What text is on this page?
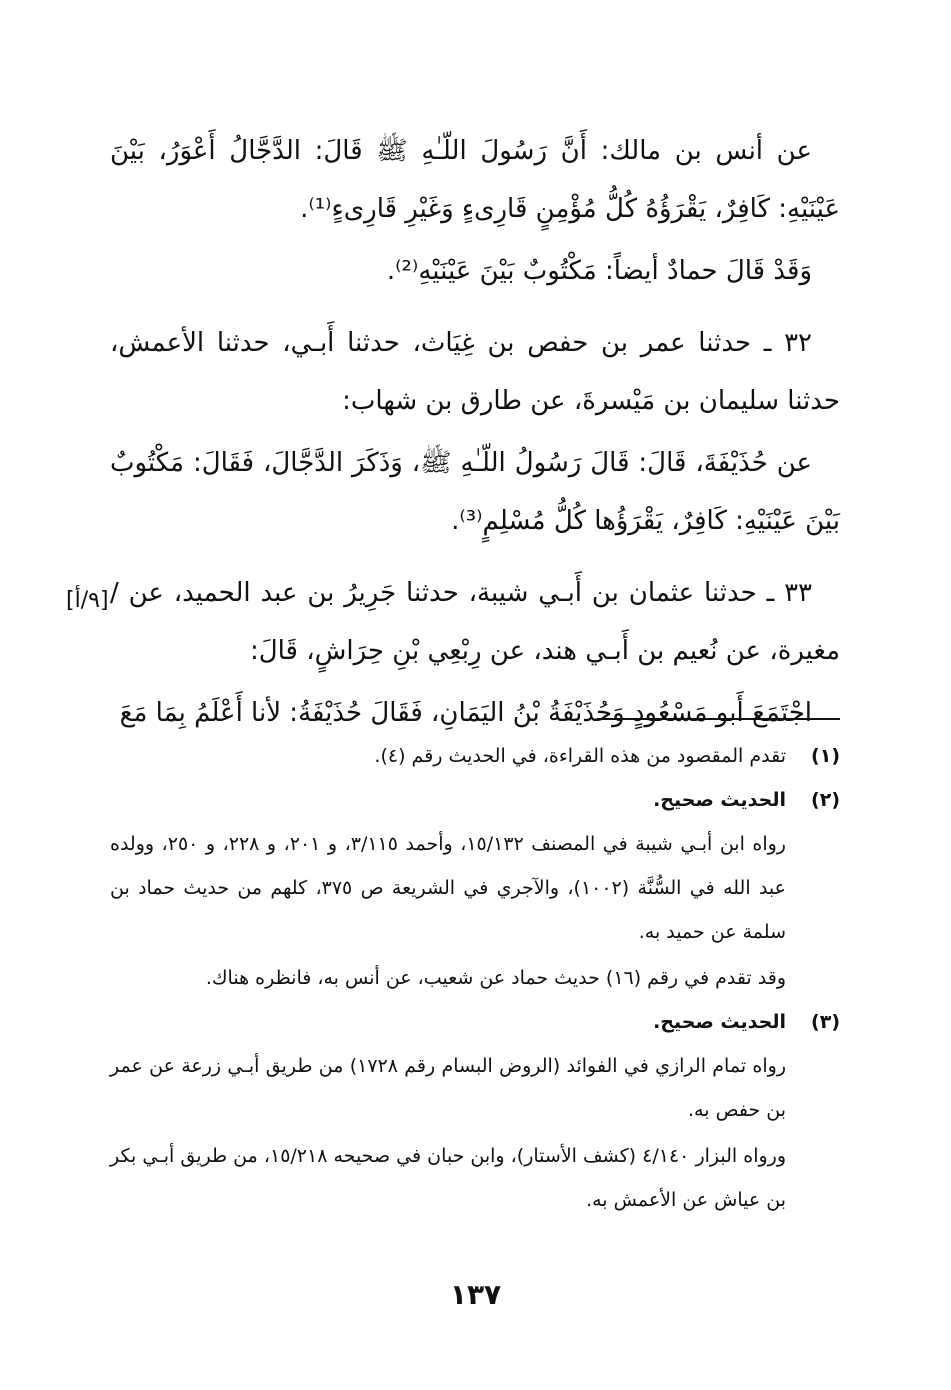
عن أنس بن مالك: أَنَّ رَسُولَ اللّـٰهِ ﷺ قَالَ: الدَّجَّالُ أَعْوَرُ، بَيْنَ عَيْنَيْهِ: كَافِرٌ، يَقْرَؤُهُ كُلُّ مُؤْمِنٍ قَارِىءٍ وَغَيْرِ قَارِىءٍ⁽¹⁾.

وَقَدْ قَالَ حمادٌ أيضاً: مَكْتُوبٌ بَيْنَ عَيْنَيْهِ⁽²⁾.

٣٢ ـ حدثنا عمر بن حفص بن غِيَاث، حدثنا أَبـي، حدثنا الأعمش، حدثنا سليمان بن مَيْسرةَ، عن طارق بن شهاب:

عن حُذَيْفَةَ، قَالَ: قَالَ رَسُولُ اللّـٰهِ ﷺ، وَذَكَرَ الدَّجَّالَ، فَقَالَ: مَكْتُوبٌ بَيْنَ عَيْنَيْهِ: كَافِرٌ، يَقْرَؤُها كُلُّ مُسْلِمٍ⁽³⁾.

٣٣ ـ حدثنا عثمان بن أَبـي شيبة، حدثنا جَرِيرُ بن عبد الحميد، عن / مغيرة، عن نُعيم بن أَبـي هند، عن رِبْعِي بْنِ حِرَاشٍ، قَالَ:

اجْتَمَعَ أَبو مَسْعُودٍ وَحُذَيْفَةُ بْنُ اليَمَانِ، فَقَالَ حُذَيْفَةُ: لأنا أَعْلَمُ بِمَا مَعَ

[٩/أ]
(١)
تقدم المقصود من هذه القراءة، في الحديث رقم (٤).
(٢)
الحديث صحيح.

رواه ابن أبـي شيبة في المصنف ١٥/١٣٢، وأحمد ٣/١١٥، و ٢٠١، و ٢٢٨، و ٢٥٠، وولده عبد الله في السُّنَّة (١٠٠٢)، والآجري في الشريعة ص ٣٧٥، كلهم من حديث حماد بن سلمة عن حميد به.

وقد تقدم في رقم (١٦) حديث حماد عن شعيب، عن أنس به، فانظره هناك.

(٣)
الحديث صحيح.

رواه تمام الرازي في الفوائد (الروض البسام رقم ١٧٢٨) من طريق أبـي زرعة عن عمر بن حفص به.

ورواه البزار ٤/١٤٠ (كشف الأستار)، وابن حبان في صحيحه ١٥/٢١٨، من طريق أبـي بكر بن عياش عن الأعمش به.

١٣٧
